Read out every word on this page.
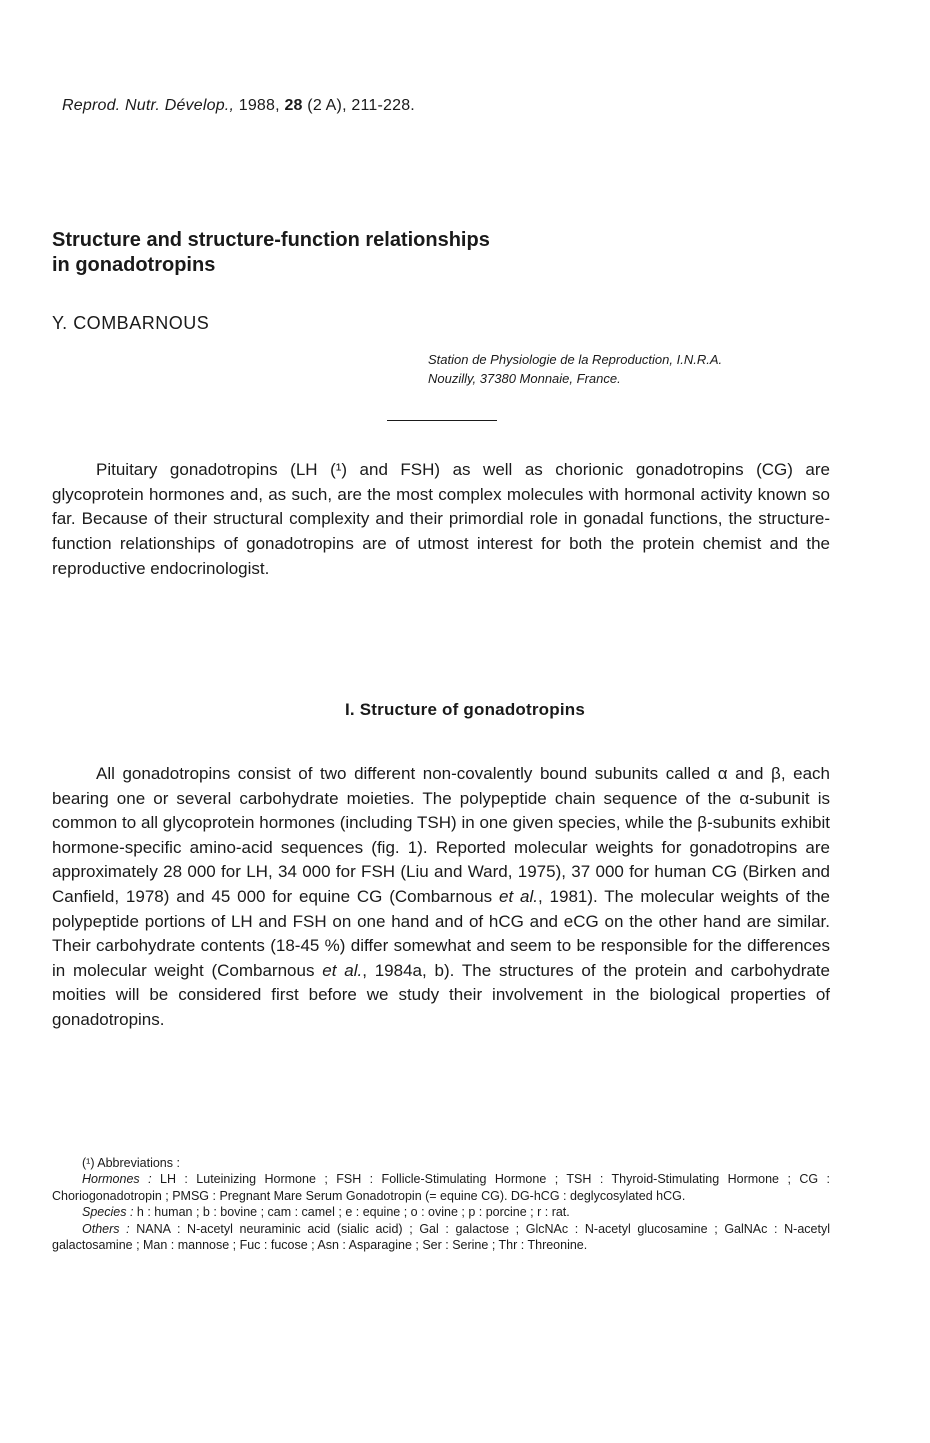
Reprod. Nutr. Dévelop., 1988, 28 (2 A), 211-228.
Structure and structure-function relationships
in gonadotropins
Y. COMBARNOUS
Station de Physiologie de la Reproduction, I.N.R.A.
Nouzilly, 37380 Monnaie, France.

Pituitary gonadotropins (LH (¹) and FSH) as well as chorionic gonadotropins (CG) are glycoprotein hormones and, as such, are the most complex molecules with hormonal activity known so far. Because of their structural complexity and their primordial role in gonadal functions, the structure-function relationships of gonadotropins are of utmost interest for both the protein chemist and the reproductive endocrinologist.

I. Structure of gonadotropins

All gonadotropins consist of two different non-covalently bound subunits called α and β, each bearing one or several carbohydrate moieties. The polypeptide chain sequence of the α-subunit is common to all glycoprotein hormones (including TSH) in one given species, while the β-subunits exhibit hormone-specific amino-acid sequences (fig. 1). Reported molecular weights for gonadotropins are approximately 28 000 for LH, 34 000 for FSH (Liu and Ward, 1975), 37 000 for human CG (Birken and Canfield, 1978) and 45 000 for equine CG (Combarnous et al., 1981). The molecular weights of the polypeptide portions of LH and FSH on one hand and of hCG and eCG on the other hand are similar. Their carbohydrate contents (18-45 %) differ somewhat and seem to be responsible for the differences in molecular weight (Combarnous et al., 1984a, b). The structures of the protein and carbohydrate moities will be considered first before we study their involvement in the biological properties of gonadotropins.

(¹) Abbreviations :

Hormones : LH : Luteinizing Hormone ; FSH : Follicle-Stimulating Hormone ; TSH : Thyroid-Stimulating Hormone ; CG : Choriogonadotropin ; PMSG : Pregnant Mare Serum Gonadotropin (= equine CG). DG-hCG : deglycosylated hCG.

Species : h : human ; b : bovine ; cam : camel ; e : equine ; o : ovine ; p : porcine ; r : rat.

Others : NANA : N-acetyl neuraminic acid (sialic acid) ; Gal : galactose ; GlcNAc : N-acetyl glucosamine ; GalNAc : N-acetyl galactosamine ; Man : mannose ; Fuc : fucose ; Asn : Asparagine ; Ser : Serine ; Thr : Threonine.
